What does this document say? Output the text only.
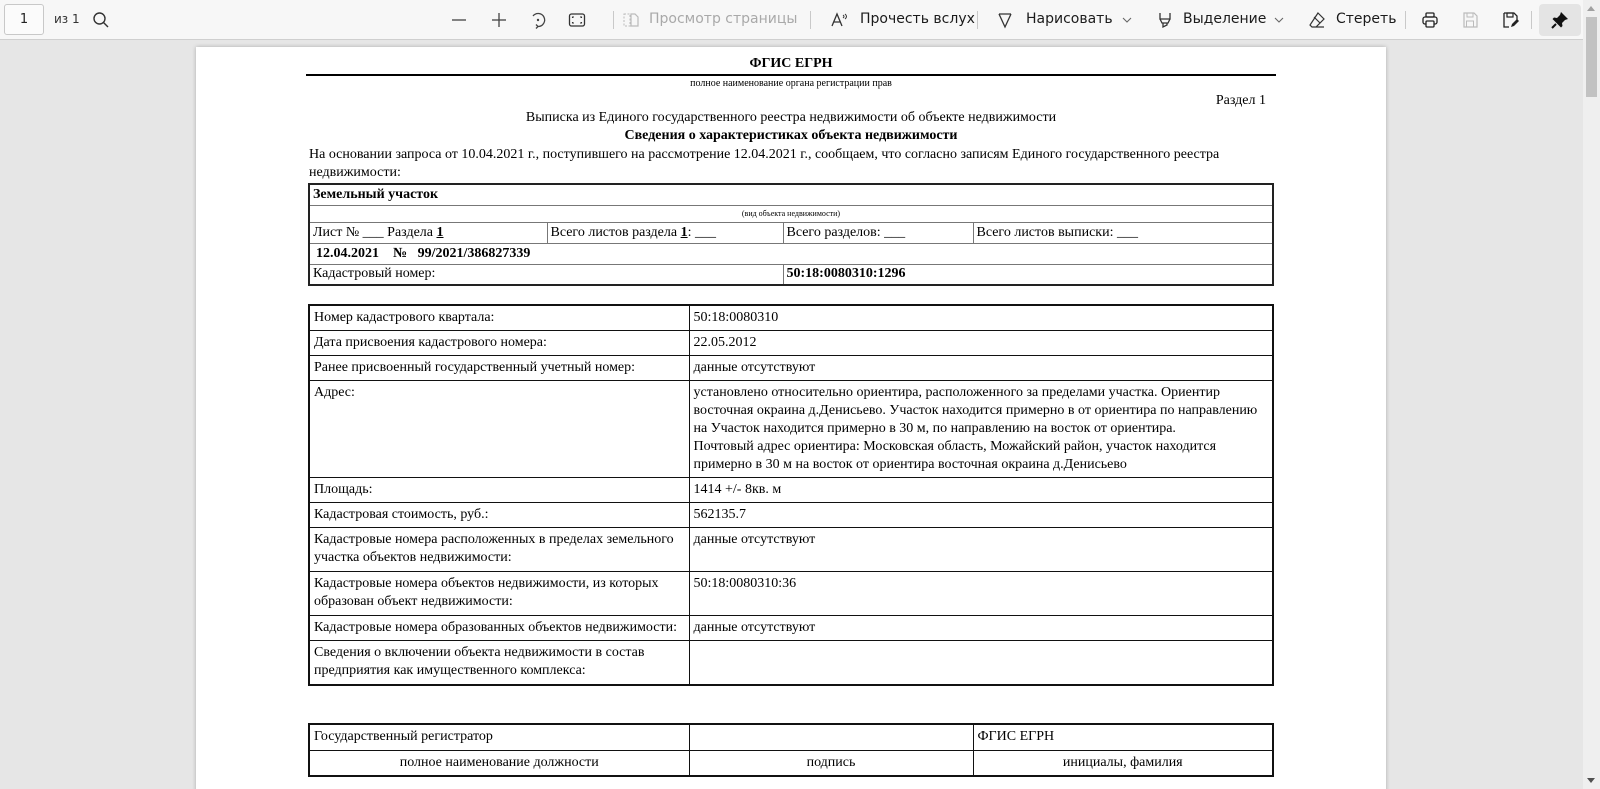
1	из 1	Просмотр страницы	Прочесть вслух	Нарисовать	Выделение	Стереть
ФГИС ЕГРН
полное наименование органа регистрации прав
Раздел 1
Выписка из Единого государственного реестра недвижимости об объекте недвижимости
Сведения о характеристиках объекта недвижимости
На основании запроса от 10.04.2021 г., поступившего на рассмотрение 12.04.2021 г., сообщаем, что согласно записям Единого государственного реестра недвижимости:
Земельный участок			
(вид объекта недвижимости)			
Лист № ___ Раздела 1	Всего листов раздела 1: ___	Всего разделов: ___	Всего листов выписки: ___
12.04.2021 № 99/2021/386827339			
Кадастровый номер:		50:18:0080310:1296	
Номер кадастрового квартала:	50:18:0080310
Дата присвоения кадастрового номера:	22.05.2012
Ранее присвоенный государственный учетный номер:	данные отсутствуют
Адрес:	установлено относительно ориентира, расположенного за пределами участка. Ориентир восточная окраина д.Денисьево. Участок находится примерно в от ориентира по направлению на Участок находится примерно в 30 м, по направлению на восток от ориентира.
Почтовый адрес ориентира: Московская область, Можайский район, участок находится примерно в 30 м на восток от ориентира восточная окраина д.Денисьево

Площадь:	1414 +/- 8кв. м
Кадастровая стоимость, руб.:	562135.7
Кадастровые номера расположенных в пределах земельного участка объектов недвижимости:	данные отсутствуют
Кадастровые номера объектов недвижимости, из которых образован объект недвижимости:	50:18:0080310:36
Кадастровые номера образованных объектов недвижимости:	данные отсутствуют
Сведения о включении объекта недвижимости в состав предприятия как имущественного комплекса:	
Государственный регистратор		ФГИС ЕГРН
полное наименование должности	подпись	инициалы, фамилия
